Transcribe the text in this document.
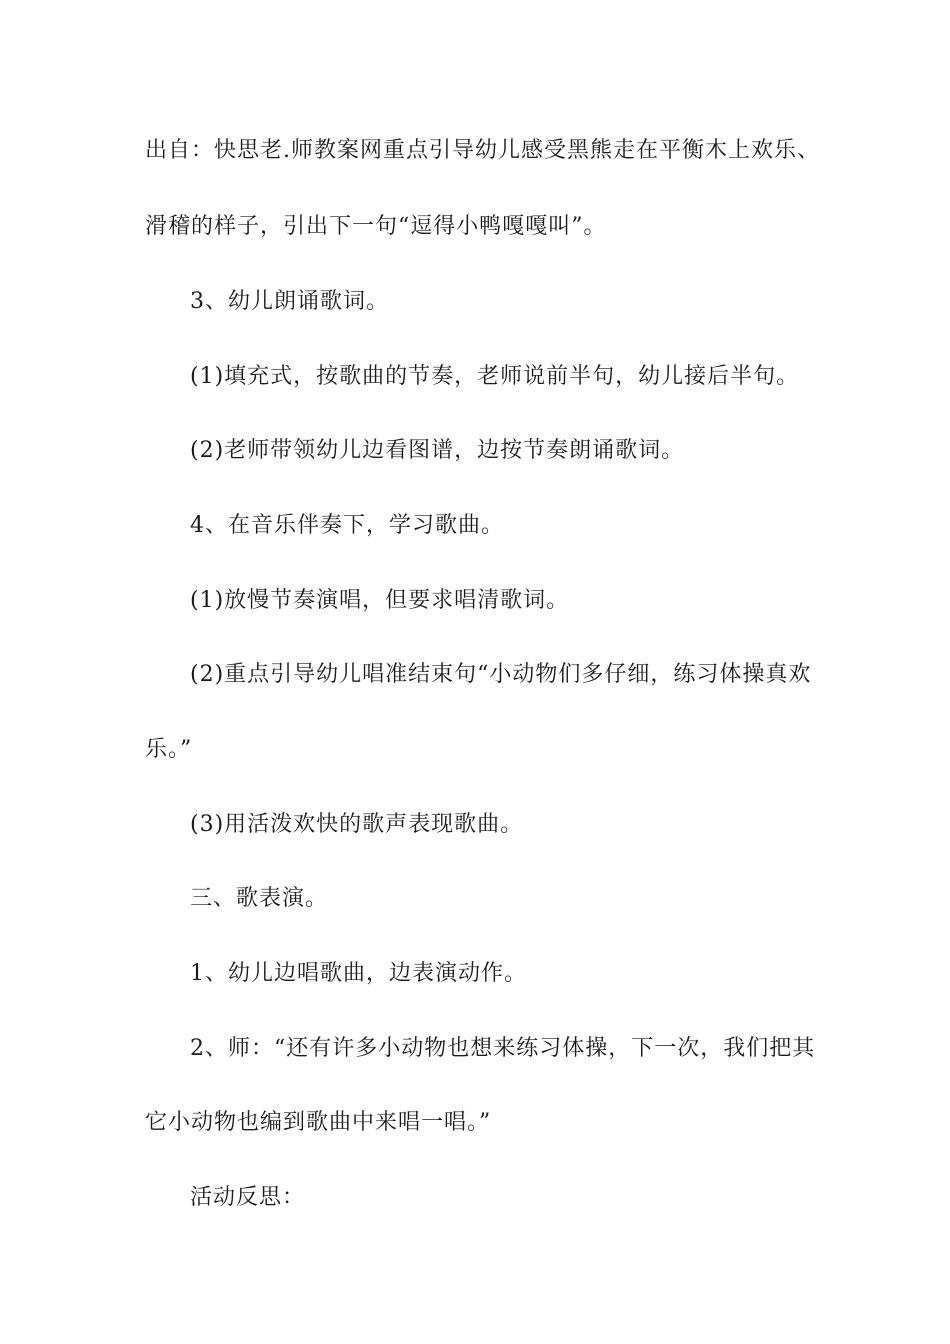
出自：快思老.师教案网重点引导幼儿感受黑熊走在平衡木上欢乐、
滑稽的样子，引出下一句“逗得小鸭嘎嘎叫”。
3、幼儿朗诵歌词。
(1)填充式，按歌曲的节奏，老师说前半句，幼儿接后半句。
(2)老师带领幼儿边看图谱，边按节奏朗诵歌词。
4、在音乐伴奏下，学习歌曲。
(1)放慢节奏演唱，但要求唱清歌词。
(2)重点引导幼儿唱准结束句“小动物们多仔细，练习体操真欢
乐。”
(3)用活泼欢快的歌声表现歌曲。
三、歌表演。
1、幼儿边唱歌曲，边表演动作。
2、师：“还有许多小动物也想来练习体操，下一次，我们把其
它小动物也编到歌曲中来唱一唱。”
活动反思：
